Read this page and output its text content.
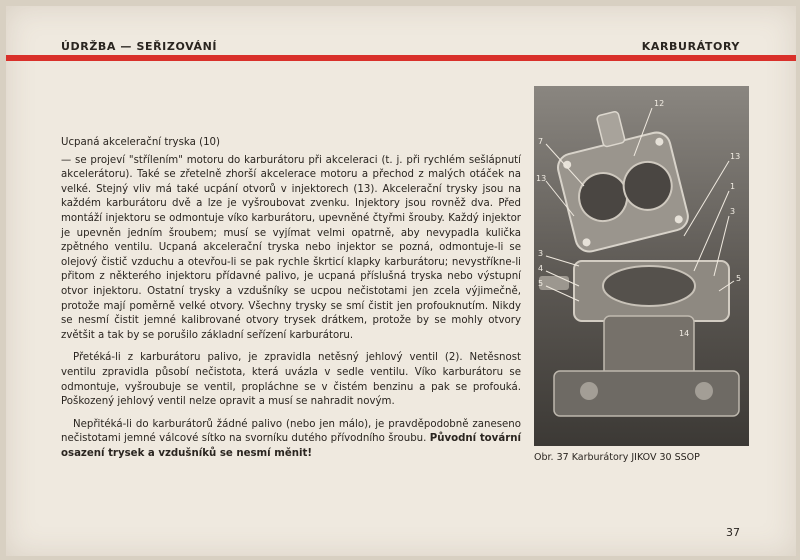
ÚDRŽBA — SEŘIZOVÁNÍ	KARBURÁTORY
Ucpaná akcelerační tryska (10)

— se projeví "střílením" motoru do karburátoru při akceleraci (t. j. při rychlém sešlápnutí akcelerátoru). Také se zřetelně zhorší akcelerace motoru a přechod z malých otáček na velké. Stejný vliv má také ucpání otvorů v injektorech (13). Akcelerační trysky jsou na každém karburátoru dvě a lze je vyšroubovat zvenku. Injektory jsou rovněž dva. Před montáží injektoru se odmontuje víko karburátoru, upevněné čtyřmi šrouby. Každý injektor je upevněn jedním šroubem; musí se vyjímat velmi opatrně, aby nevypadla kulička zpětného ventilu. Ucpaná akcelerační tryska nebo injektor se pozná, odmontuje-li se olejový čistič vzduchu a otevřou-li se pak rychle škrticí klapky karburátoru; nevystříkne-li přitom z některého injektoru přídavné palivo, je ucpaná příslušná tryska nebo výstupní otvor injektoru. Ostatní trysky a vzdušníky se ucpou nečistotami jen zcela výjimečně, protože mají poměrně velké otvory. Všechny trysky se smí čistit jen profouknutím. Nikdy se nesmí čistit jemné kalibrované otvory trysek drátkem, protože by se mohly otvory zvětšit a tak by se porušilo základní seřízení karburátoru.

Přetéká-li z karburátoru palivo, je zpravidla netěsný jehlový ventil (2). Netěsnost ventilu zpravidla působí nečistota, která uvázla v sedle ventilu. Víko karburátoru se odmontuje, vyšroubuje se ventil, propláchne se v čistém benzinu a pak se profouká. Poškozený jehlový ventil nelze opravit a musí se nahradit novým.

Nepřitéká-li do karburátorů žádné palivo (nebo jen málo), je pravděpodobně zaneseno nečistotami jemné válcové sítko na svorníku dutého přívodního šroubu. Původní tovární osazení trysek a vzdušníků se nesmí měnit!

12
7
13
13
1
3
3
4
5
5
14
Obr. 37 Karburátory JIKOV 30 SSOP
37
